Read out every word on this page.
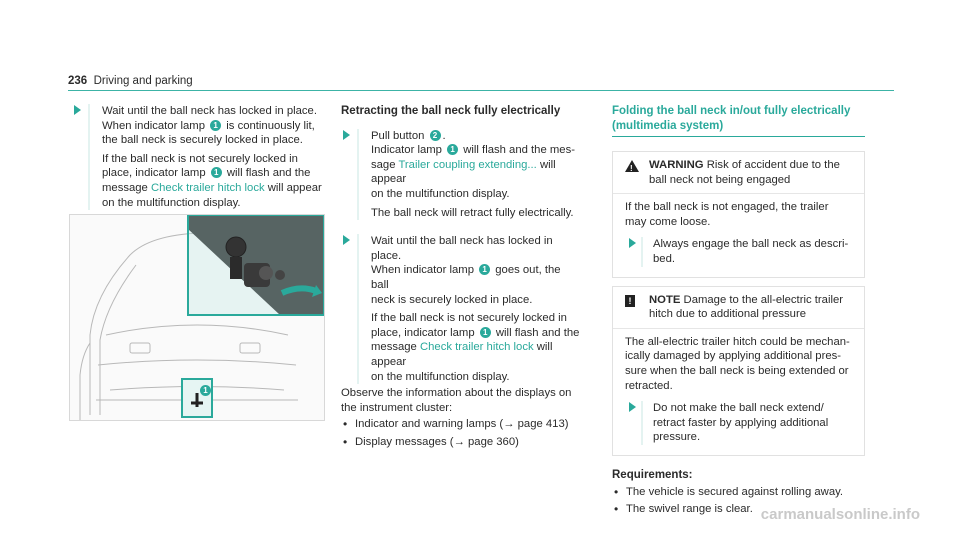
236 Driving and parking
Wait until the ball neck has locked in place.
When indicator lamp 1 is continuously lit,
the ball neck is securely locked in place.
If the ball neck is not securely locked in
place, indicator lamp 1 will flash and the
message Check trailer hitch lock will appear
on the multifunction display.
1
Retracting the ball neck fully electrically
Pull button 2 .
Indicator lamp 1 will flash and the mes-
sage Trailer coupling extending... will appear
on the multifunction display.
The ball neck will retract fully electrically.
Wait until the ball neck has locked in place.
When indicator lamp 1 goes out, the ball
neck is securely locked in place.
If the ball neck is not securely locked in
place, indicator lamp 1 will flash and the
message Check trailer hitch lock will appear
on the multifunction display.
Observe the information about the displays on
the instrument cluster:
• Indicator and warning lamps (→ page 413)
• Display messages (→ page 360)
Folding the ball neck in/out fully electrically
(multimedia system)
!
WARNING Risk of accident due to the
ball neck not being engaged
If the ball neck is not engaged, the trailer
may come loose.
Always engage the ball neck as descri-
bed.
!	NOTE Damage to the all-electric trailer
hitch due to additional pressure
The all-electric trailer hitch could be mechan-
ically damaged by applying additional pres-
sure when the ball neck is being extended or
retracted.
Do not make the ball neck extend/
retract faster by applying additional
pressure.
Requirements:
• The vehicle is secured against rolling away.
• The swivel range is clear. carmanualsonline.info
